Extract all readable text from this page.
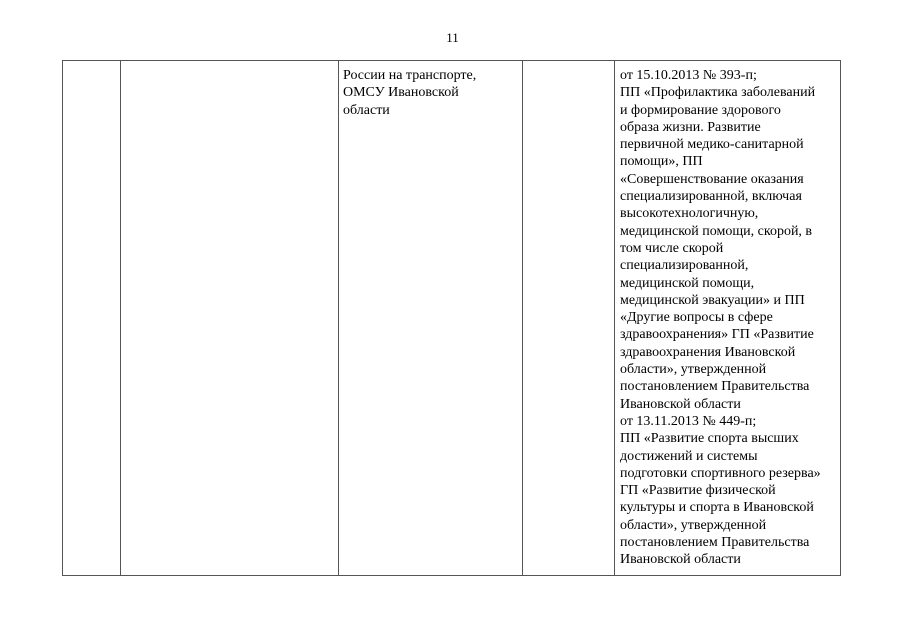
11
России на транспорте,
ОМСУ Ивановской
области
от 15.10.2013 № 393-п;
ПП «Профилактика заболеваний
и формирование здорового
образа жизни. Развитие
первичной медико-санитарной
помощи», ПП
«Совершенствование оказания
специализированной, включая
высокотехнологичную,
медицинской помощи, скорой, в
том числе скорой
специализированной,
медицинской помощи,
медицинской эвакуации» и ПП
«Другие вопросы в сфере
здравоохранения» ГП «Развитие
здравоохранения Ивановской
области», утвержденной
постановлением Правительства
Ивановской области
от 13.11.2013 № 449-п;
ПП «Развитие спорта высших
достижений и системы
подготовки спортивного резерва»
ГП «Развитие физической
культуры и спорта в Ивановской
области», утвержденной
постановлением Правительства
Ивановской области
